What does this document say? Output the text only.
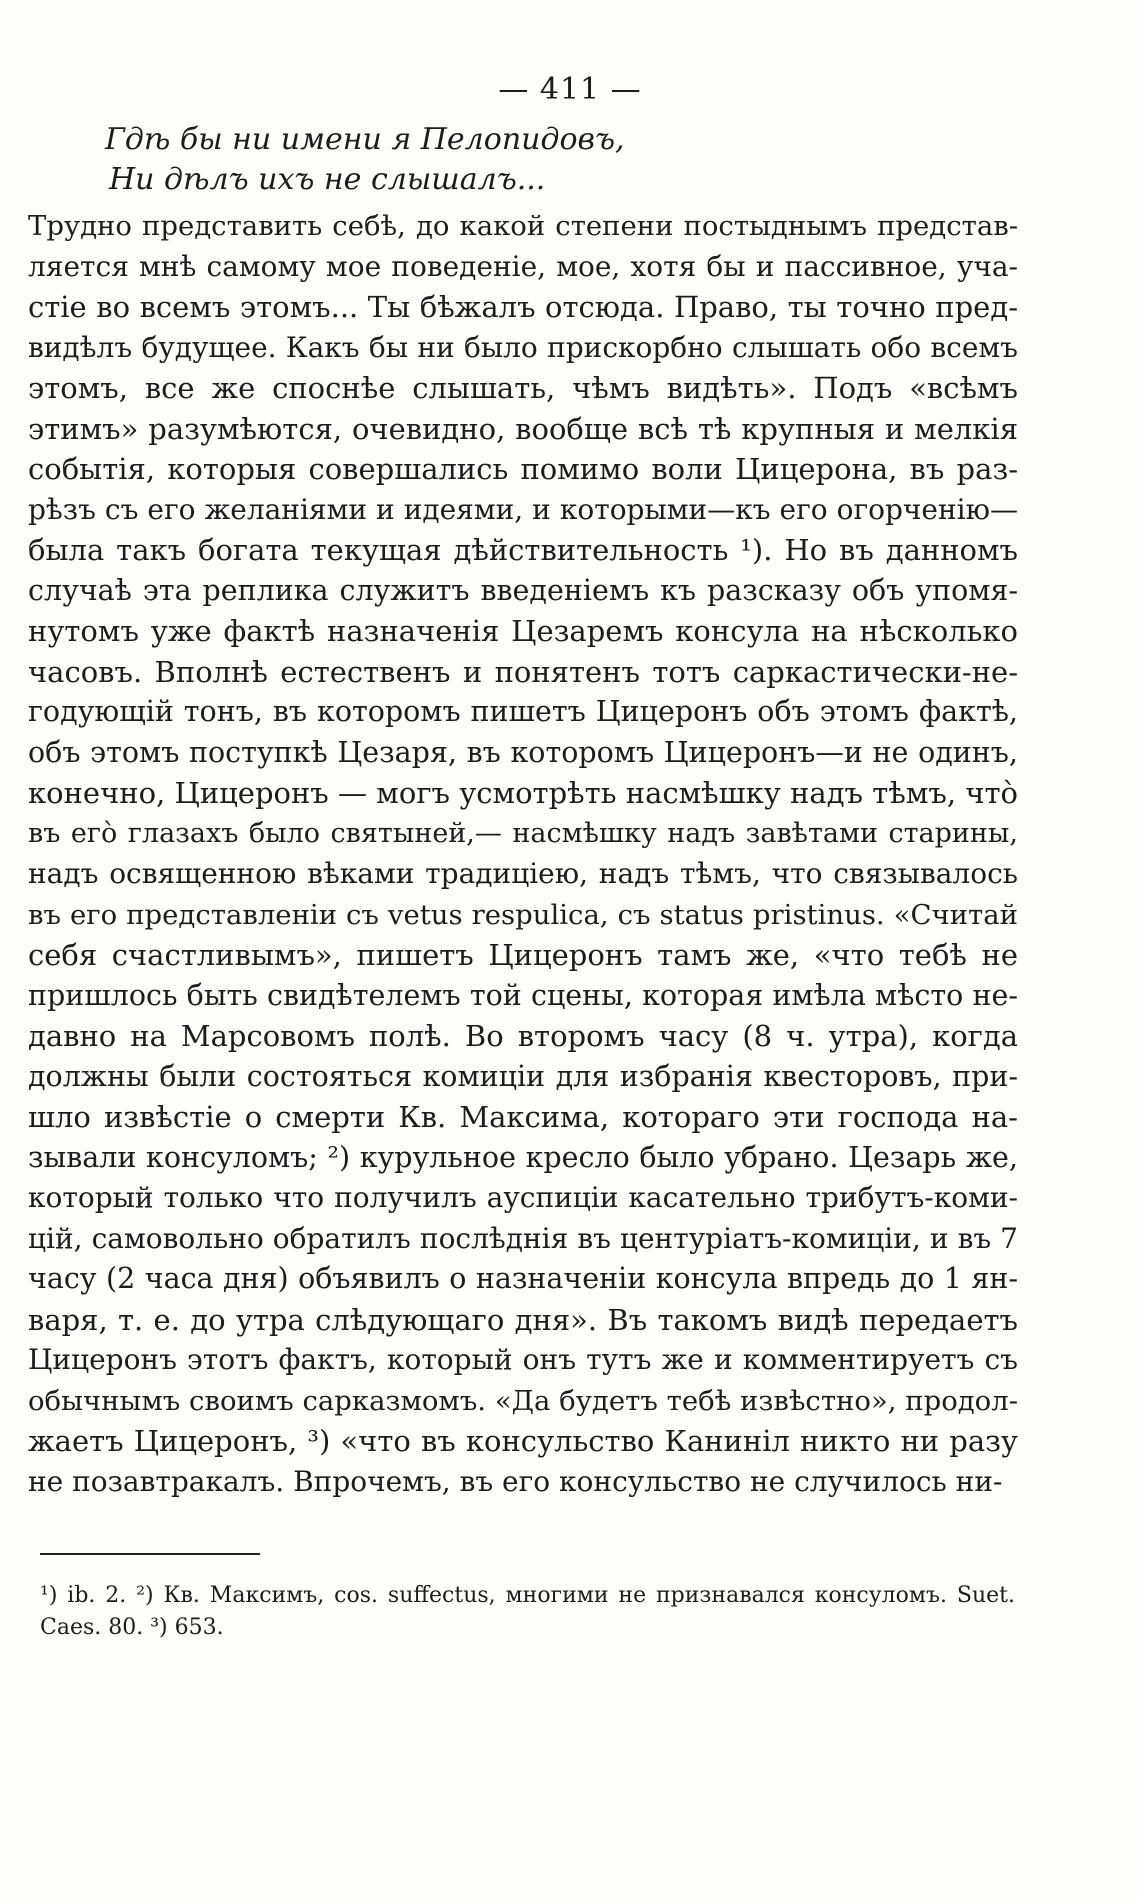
— 411 —
Гдѣ бы ни имени я Пелопидовъ,
Ни дѣлъ ихъ не слышалъ...
Трудно представить себѣ, до какой степени постыднымъ представ-
ляется мнѣ самому мое поведеніе, мое, хотя бы и пассивное, уча-
стіе во всемъ этомъ... Ты бѣжалъ отсюда. Право, ты точно пред-
видѣлъ будущее. Какъ бы ни было прискорбно слышать обо всемъ
этомъ, все же споснѣе слышать, чѣмъ видѣть». Подъ «всѣмъ
этимъ» разумѣются, очевидно, вообще всѣ тѣ крупныя и мелкія
событія, которыя совершались помимо воли Цицерона, въ раз-
рѣзъ съ его желаніями и идеями, и которыми—къ его огорченію—
была такъ богата текущая дѣйствительность ¹). Но въ данномъ
случаѣ эта реплика служитъ введеніемъ къ разсказу объ упомя-
нутомъ уже фактѣ назначенія Цезаремъ консула на нѣсколько
часовъ. Вполнѣ естественъ и понятенъ тотъ саркастически-не-
годующій тонъ, въ которомъ пишетъ Цицеронъ объ этомъ фактѣ,
объ этомъ поступкѣ Цезаря, въ которомъ Цицеронъ—и не одинъ,
конечно, Цицеронъ — могъ усмотрѣть насмѣшку надъ тѣмъ, что̀
въ его̀ глазахъ было святыней,— насмѣшку надъ завѣтами старины,
надъ освященною вѣками традиціею, надъ тѣмъ, что связывалось
въ его представленіи съ vetus respulica, съ status pristinus. «Считай
себя счастливымъ», пишетъ Цицеронъ тамъ же, «что тебѣ не
пришлось быть свидѣтелемъ той сцены, которая имѣла мѣсто не-
давно на Марсовомъ полѣ. Во второмъ часу (8 ч. утра), когда
должны были состояться комиціи для избранія квесторовъ, при-
шло извѣстіе о смерти Кв. Максима, котораго эти господа на-
зывали консуломъ; ²) курульное кресло было убрано. Цезарь же,
который только что получилъ ауспиціи касательно трибутъ-коми-
цій, самовольно обратилъ послѣднія въ центуріатъ-комиціи, и въ 7
часу (2 часа дня) объявилъ о назначеніи консула впредь до 1 ян-
варя, т. е. до утра слѣдующаго дня». Въ такомъ видѣ передаетъ
Цицеронъ этотъ фактъ, который онъ тутъ же и комментируетъ съ
обычнымъ своимъ сарказмомъ. «Да будетъ тебѣ извѣстно», продол-
жаетъ Цицеронъ, ³) «что въ консульство Каниніл никто ни разу
не позавтракалъ. Впрочемъ, въ его консульство не случилось ни-
¹) ib. 2. ²) Кв. Максимъ, cos. suffectus, многими не признавался консуломъ. Suet.
Caes. 80. ³) 653.
